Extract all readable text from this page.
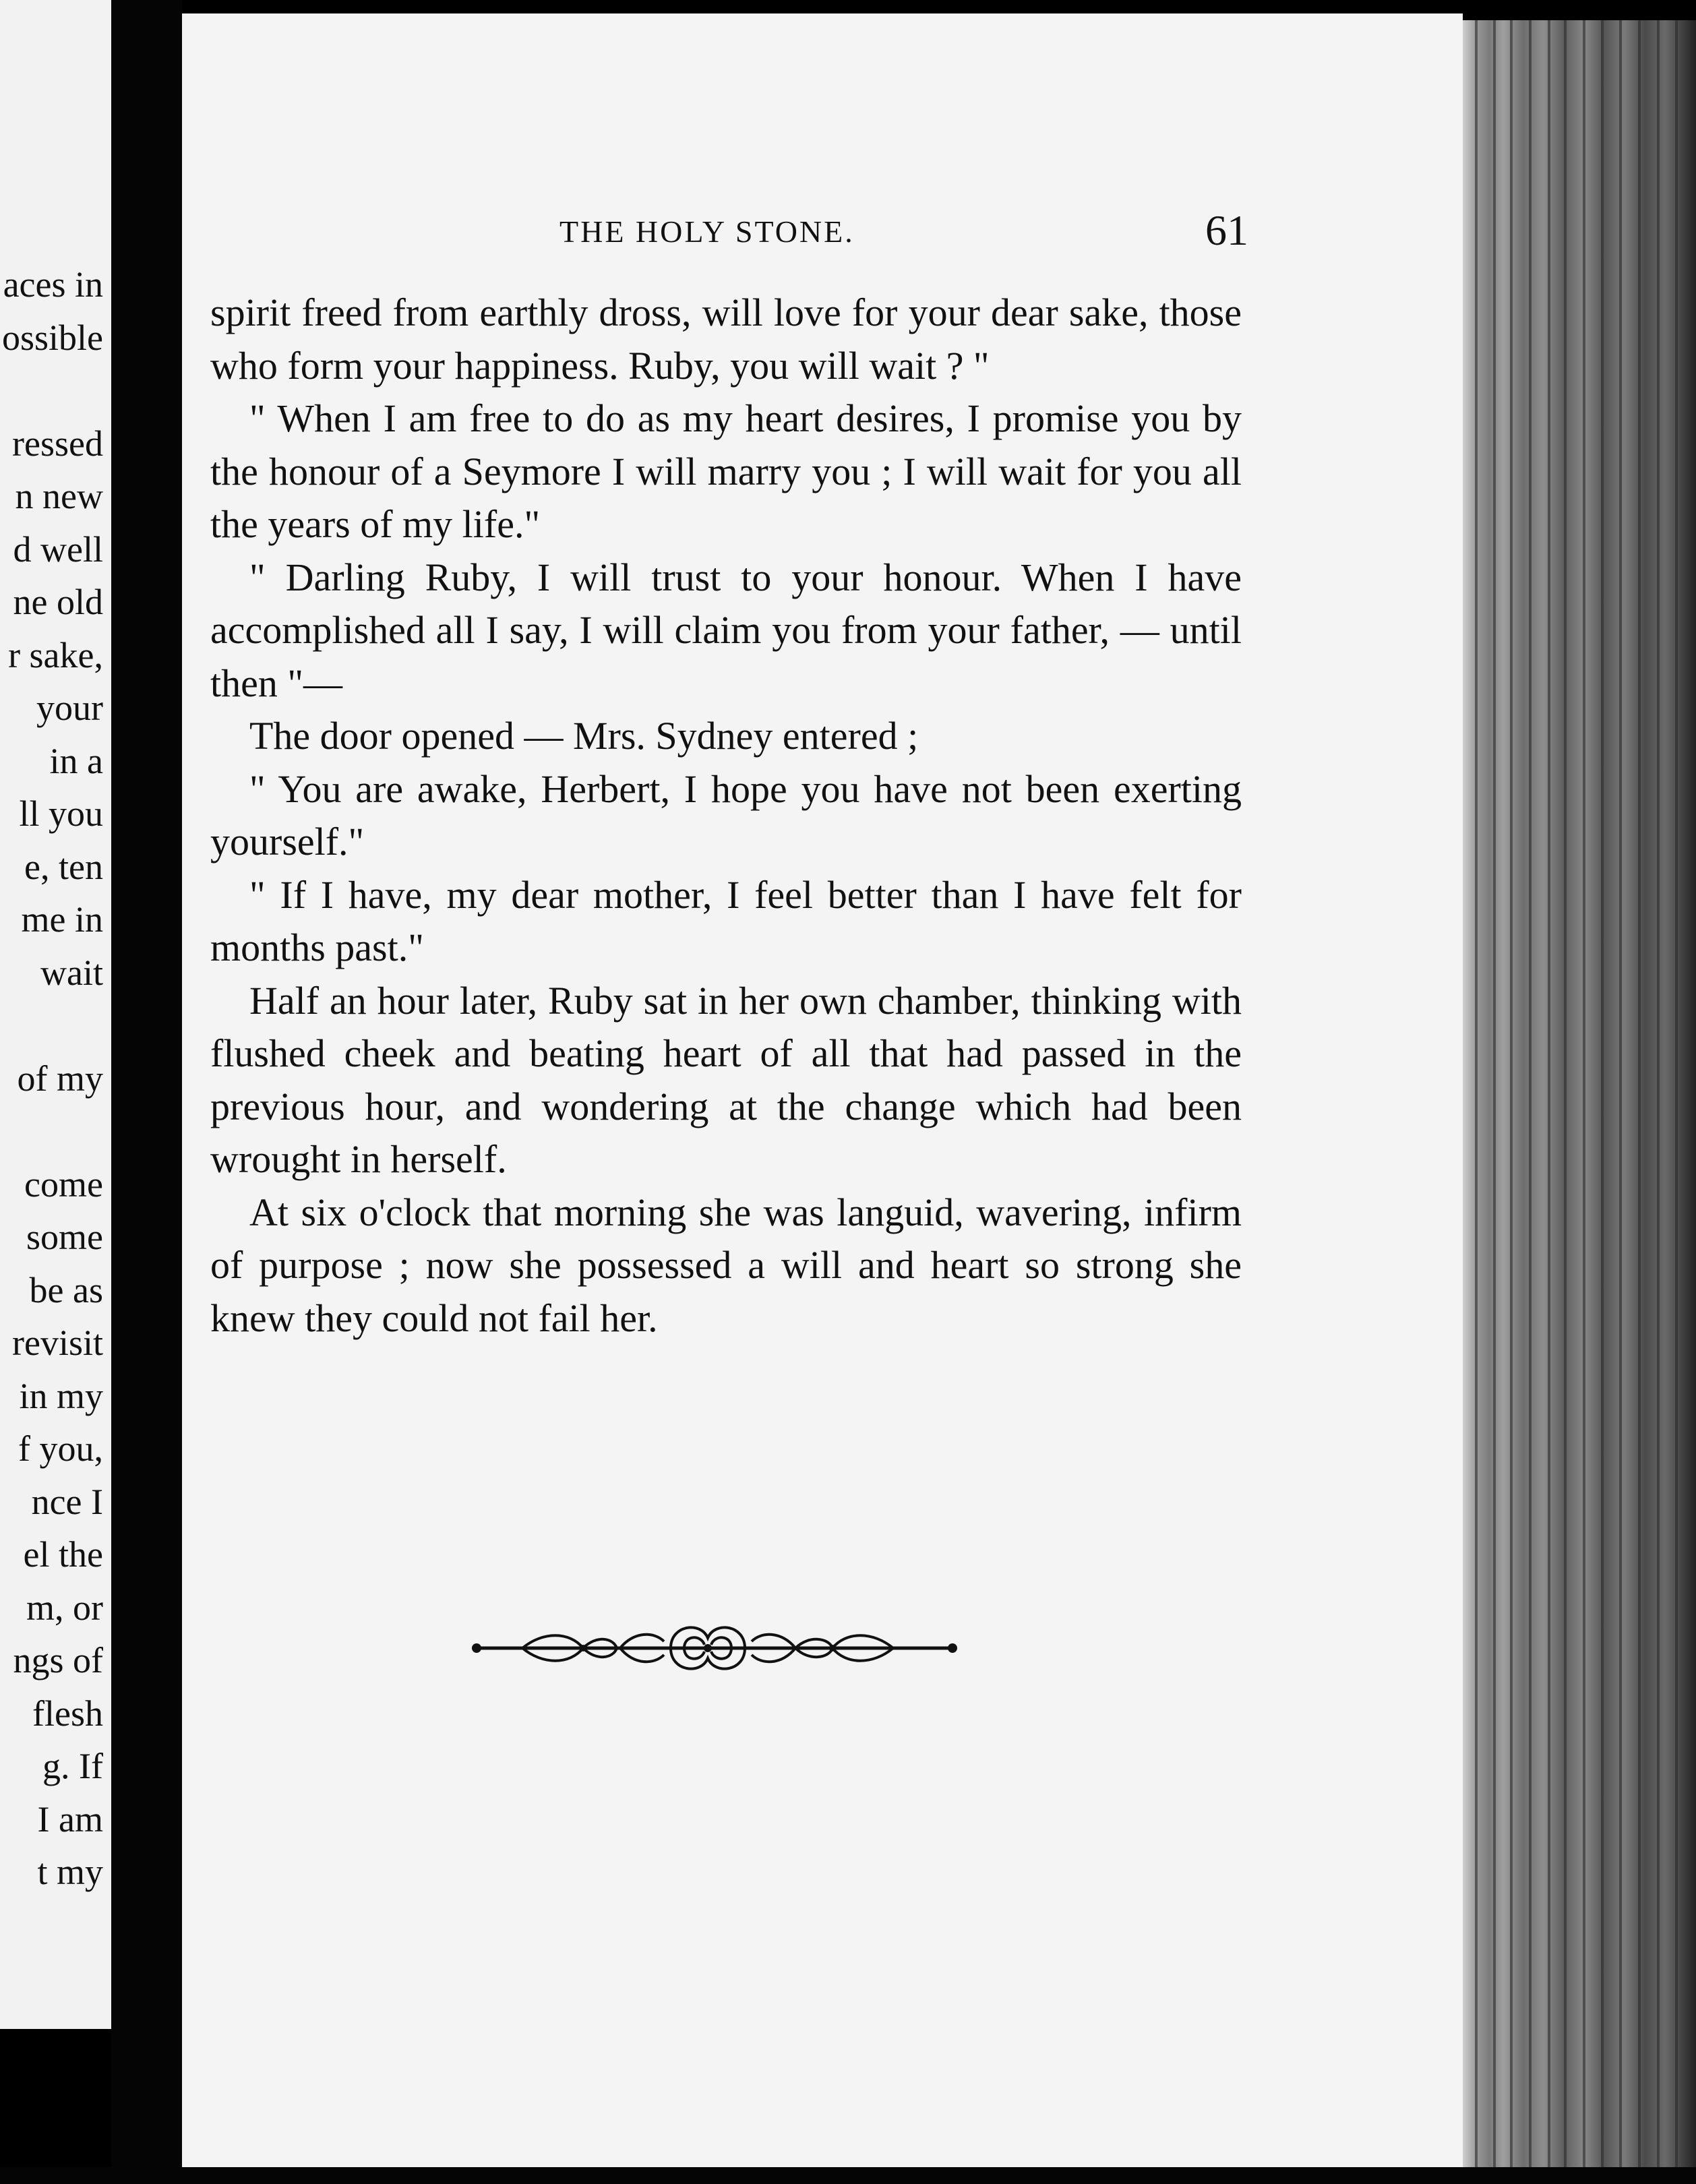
aces in
ossible
ressed
n new
d well
ne old
r sake,
your
in a
ll you
e, ten
me in
wait
of my
come
some
be as
revisit
in my
f you,
nce I
el the
m, or
ngs of
flesh
g. If
I am
t my
THE HOLY STONE.	61

spirit freed from earthly dross, will love for your dear sake, those who form your happiness. Ruby, you will wait ? "

" When I am free to do as my heart desires, I promise you by the honour of a Seymore I will marry you ; I will wait for you all the years of my life."

" Darling Ruby, I will trust to your honour. When I have accomplished all I say, I will claim you from your father, — until then "—

The door opened — Mrs. Sydney entered ;

" You are awake, Herbert, I hope you have not been exerting yourself."

" If I have, my dear mother, I feel better than I have felt for months past."

Half an hour later, Ruby sat in her own chamber, thinking with flushed cheek and beating heart of all that had passed in the previous hour, and wondering at the change which had been wrought in herself.

At six o'clock that morning she was languid, wavering, infirm of purpose ; now she possessed a will and heart so strong she knew they could not fail her.
